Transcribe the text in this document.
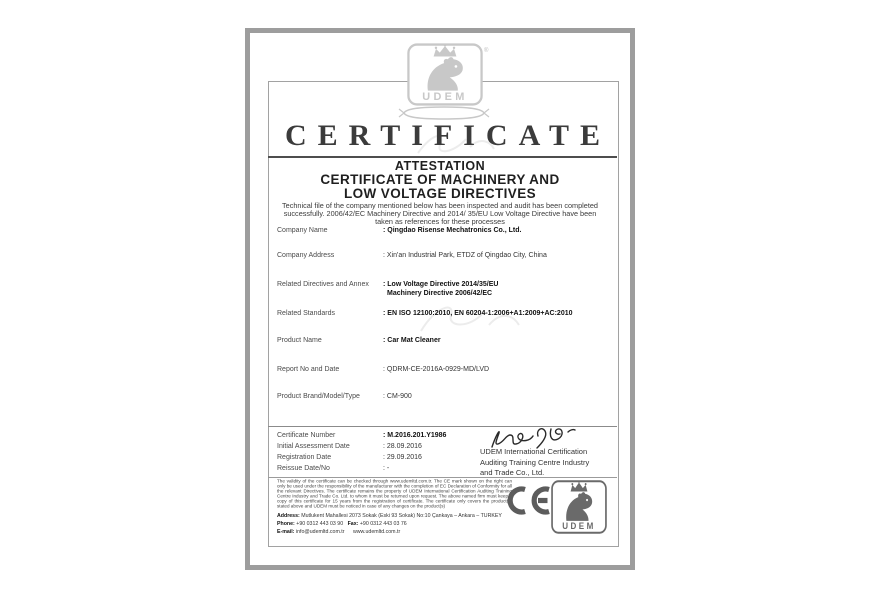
UDEM
®
CERTIFICATE
ATTESTATION
CERTIFICATE OF MACHINERY AND
LOW VOLTAGE DIRECTIVES
Technical file of the company mentioned below has been inspected and audit has been completed successfully. 2006/42/EC Machinery Directive and 2014/ 35/EU Low Voltage Directive have been taken as references for these processes
Company Name	: Qingdao Risense Mechatronics Co., Ltd.
Company Address	: Xin'an Industrial Park, ETDZ of Qingdao City, China
Related Directives and Annex : Low Voltage Directive 2014/35/EU
Machinery Directive 2006/42/EC
Related Standards	: EN ISO 12100:2010, EN 60204-1:2006+A1:2009+AC:2010
Product Name	: Car Mat Cleaner
Report No and Date	: QDRM-CE-2016A-0929-MD/LVD
Product Brand/Model/Type	: CM-900
Certificate Number	: M.2016.201.Y1986
Initial Assessment Date	: 28.09.2016
Registration Date	: 29.09.2016
Reissue Date/No	: -
UDEM International Certification
Auditing Training Centre Industry
and Trade Co., Ltd.

The validity of the certificate can be checked through www.udemltd.com.tr. The CE mark shown on the right can only be used under the responsibility of the manufacturer with the completion of EC Declaration of Conformity for all the relevant Directives. The certificate remains the property of UDEM International Certification Auditing Training Centre Industry and Trade Co. Ltd. to whom it must be returned upon request. The above named firm must keep a copy of this certificate for 15 years from the registration of certificate. The certificate only covers the product(s) stated above and UDEM must be noticed in case of any changes on the product(s)

Address: Mutlukent Mahallesi 2073 Sokak (Eski 93 Sokak) No:10 Çankaya – Ankara – TURKEY
Phone: +90 0312 443 03 90 Fax: +90 0312 443 03 76
E-mail: info@udemltd.com.tr www.udemltd.com.tr
UDEM
